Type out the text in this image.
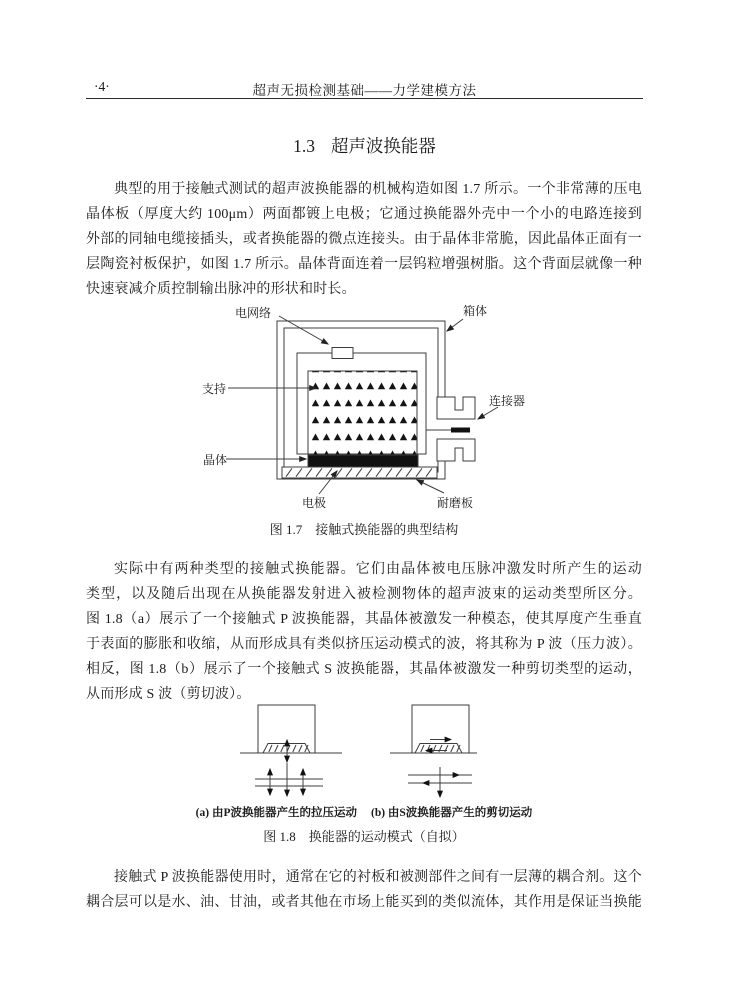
·4·	超声无损检测基础——力学建模方法
1.3 超声波换能器
典型的用于接触式测试的超声波换能器的机械构造如图 1.7 所示。一个非常薄的压电
晶体板（厚度大约 100μm）两面都镀上电极；它通过换能器外壳中一个小的电路连接到
外部的同轴电缆接插头，或者换能器的微点连接头。由于晶体非常脆，因此晶体正面有一
层陶瓷衬板保护，如图 1.7 所示。晶体背面连着一层钨粒增强树脂。这个背面层就像一种
快速衰减介质控制输出脉冲的形状和时长。
电网络	箱体
支持
连接器
晶体
电极	耐磨板
图 1.7　接触式换能器的典型结构
实际中有两种类型的接触式换能器。它们由晶体被电压脉冲激发时所产生的运动
类型，以及随后出现在从换能器发射进入被检测物体的超声波束的运动类型所区分。
图 1.8（a）展示了一个接触式 P 波换能器，其晶体被激发一种模态，使其厚度产生垂直
于表面的膨胀和收缩，从而形成具有类似挤压运动模式的波，将其称为 P 波（压力波）。
相反，图 1.8（b）展示了一个接触式 S 波换能器，其晶体被激发一种剪切类型的运动，
从而形成 S 波（剪切波）。
(a) 由P波换能器产生的拉压运动 (b) 由S波换能器产生的剪切运动
图 1.8　换能器的运动模式（自拟）
接触式 P 波换能器使用时，通常在它的衬板和被测部件之间有一层薄的耦合剂。这个
耦合层可以是水、油、甘油，或者其他在市场上能买到的类似流体，其作用是保证当换能
